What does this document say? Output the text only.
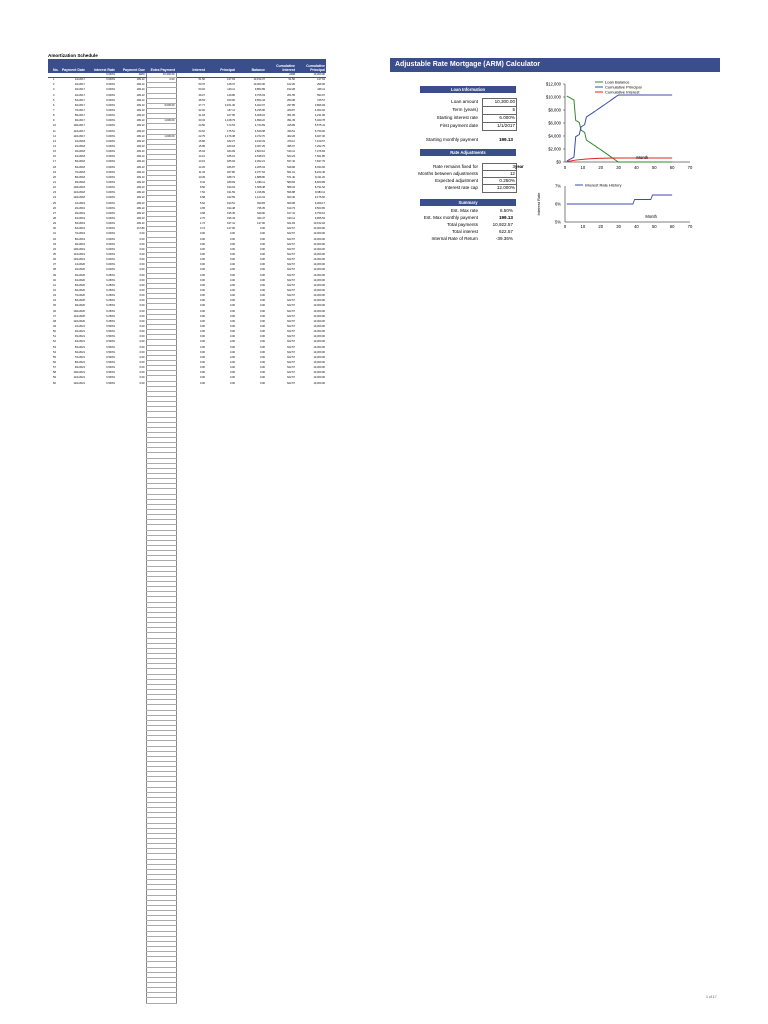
Amortization Schedule
No.	Payment Date	Interest Rate	Payment Due	Extra Payment	Interest	Principal	Balance	Cumulative Interest	Cumulative Principal
		6.000%	ARM	10,300.00				ARM	10,300.00
1	1/1/2017	6.000%	199.13	0.00	51.50	147.63	10,152.37	51.50	147.63
2	2/1/2017	6.000%	199.13		50.76	148.37	10,004.00	102.26	296.00
3	3/1/2017	6.000%	199.13		50.02	149.11	9,854.89	152.28	445.11
4	4/1/2017	6.000%	199.13		49.27	149.86	9,705.03	201.55	594.97
5	5/1/2017	6.000%	199.13		48.53	150.60	9,554.43	250.08	745.57
6	6/1/2017	6.000%	199.13	3,000.00	47.77	3,151.36	6,403.07	297.85	3,896.93
7	7/1/2017	6.000%	199.13		32.02	167.11	6,235.96	329.87	4,064.04
8	8/1/2017	6.000%	199.13		31.18	167.95	6,068.01	361.05	4,231.99
9	9/1/2017	6.000%	199.13	1,000.00	30.34	1,168.79	4,899.22	391.39	5,400.78
10	10/1/2017	6.000%	199.13		24.50	174.63	4,724.59	415.89	5,575.41
11	11/1/2017	6.000%	199.13		23.62	175.51	4,549.08	439.51	5,750.92
12	12/1/2017	6.000%	199.13	1,000.00	22.75	1,176.38	3,372.70	462.26	6,927.30
13	1/1/2018	6.000%	199.13		16.86	182.27	3,190.43	479.12	7,109.57
14	2/1/2018	6.000%	199.13		15.95	183.18	3,007.25	495.07	7,292.75
15	3/1/2018	6.000%	199.13		15.04	184.09	2,823.16	510.11	7,476.84
16	4/1/2018	6.000%	199.13		14.12	185.01	2,638.15	524.23	7,661.85
17	5/1/2018	6.000%	199.13		13.19	185.94	2,452.21	537.42	7,847.79
18	6/1/2018	6.000%	199.13		12.26	186.87	2,265.34	549.68	8,034.66
19	7/1/2018	6.000%	199.13		11.33	187.80	2,077.54	561.01	8,222.46
20	8/1/2018	6.000%	199.13		10.39	188.74	1,888.80	571.40	8,411.20
21	9/1/2018	6.000%	199.13		9.44	189.69	1,699.11	580.84	8,600.89
22	10/1/2018	6.000%	199.13		8.50	190.63	1,508.48	589.34	8,791.52
23	11/1/2018	6.000%	199.13		7.54	191.59	1,316.89	596.88	8,983.11
24	12/1/2018	6.000%	199.13		6.58	192.55	1,124.34	603.46	9,175.66
25	1/1/2019	6.000%	199.13		5.62	193.51	930.83	609.08	9,369.17
26	2/1/2019	6.000%	199.13		4.65	194.48	736.35	613.73	9,563.65
27	3/1/2019	6.000%	199.13		3.68	195.45	540.90	617.41	9,759.10
28	4/1/2019	6.000%	199.13		2.70	196.43	344.47	620.11	9,955.53
29	5/1/2019	6.000%	199.13		1.72	197.41	147.06	621.83	10,152.94
30	6/1/2019	6.000%	147.80		0.74	147.06	0.00	622.57	10,300.00
31	7/1/2019	6.000%	0.00		0.00	0.00	0.00	622.57	10,300.00
32	8/1/2019	6.000%	0.00		0.00	0.00	0.00	622.57	10,300.00
33	9/1/2019	6.000%	0.00		0.00	0.00	0.00	622.57	10,300.00
34	10/1/2019	6.000%	0.00		0.00	0.00	0.00	622.57	10,300.00
35	11/1/2019	6.000%	0.00		0.00	0.00	0.00	622.57	10,300.00
36	12/1/2019	6.000%	0.00		0.00	0.00	0.00	622.57	10,300.00
37	1/1/2020	6.000%	0.00		0.00	0.00	0.00	622.57	10,300.00
38	2/1/2020	6.000%	0.00		0.00	0.00	0.00	622.57	10,300.00
39	3/1/2020	6.250%	0.00		0.00	0.00	0.00	622.57	10,300.00
40	4/1/2020	6.250%	0.00		0.00	0.00	0.00	622.57	10,300.00
41	5/1/2020	6.250%	0.00		0.00	0.00	0.00	622.57	10,300.00
42	6/1/2020	6.250%	0.00		0.00	0.00	0.00	622.57	10,300.00
43	7/1/2020	6.250%	0.00		0.00	0.00	0.00	622.57	10,300.00
44	8/1/2020	6.250%	0.00		0.00	0.00	0.00	622.57	10,300.00
45	9/1/2020	6.250%	0.00		0.00	0.00	0.00	622.57	10,300.00
46	10/1/2020	6.250%	0.00		0.00	0.00	0.00	622.57	10,300.00
47	11/1/2020	6.250%	0.00		0.00	0.00	0.00	622.57	10,300.00
48	12/1/2020	6.250%	0.00		0.00	0.00	0.00	622.57	10,300.00
49	1/1/2021	6.500%	0.00		0.00	0.00	0.00	622.57	10,300.00
50	2/1/2021	6.500%	0.00		0.00	0.00	0.00	622.57	10,300.00
51	3/1/2021	6.500%	0.00		0.00	0.00	0.00	622.57	10,300.00
52	4/1/2021	6.500%	0.00		0.00	0.00	0.00	622.57	10,300.00
53	5/1/2021	6.500%	0.00		0.00	0.00	0.00	622.57	10,300.00
54	6/1/2021	6.500%	0.00		0.00	0.00	0.00	622.57	10,300.00
55	7/1/2021	6.500%	0.00		0.00	0.00	0.00	622.57	10,300.00
56	8/1/2021	6.500%	0.00		0.00	0.00	0.00	622.57	10,300.00
57	9/1/2021	6.500%	0.00		0.00	0.00	0.00	622.57	10,300.00
58	10/1/2021	6.500%	0.00		0.00	0.00	0.00	622.57	10,300.00
59	11/1/2021	6.500%	0.00		0.00	0.00	0.00	622.57	10,300.00
60	12/1/2021	6.500%	0.00		0.00	0.00	0.00	622.57	10,300.00

Adjustable Rate Mortgage (ARM) Calculator
Loan Information
Loan amount	10,300.00
Term (years)	5
Starting interest rate	6.000%
First payment date	1/1/2017
Starting monthly payment	199.13
Rate Adjustments
Rate remains fixed for	3 year
Months between adjustments	12
Expected adjustment	0.250%
Interest rate cap	12.000%
Summary
Est. Max rate	6.50%
Est. Max monthly payment	199.13
Total payments	10,922.57
Total interest	622.57
Internal Rate of Return	-39.36%
$0
$2,000
$4,000
$6,000
$8,000
$10,000
$12,000
0	10	20	30	40	50	60	70
Loan Balance
Cumulative Principal
Cumulative Interest
Month
5%
6%
7%
0	10	20	30	40	50	60	70
Interest Rate
Interest Rate History
Month
1 of 17
